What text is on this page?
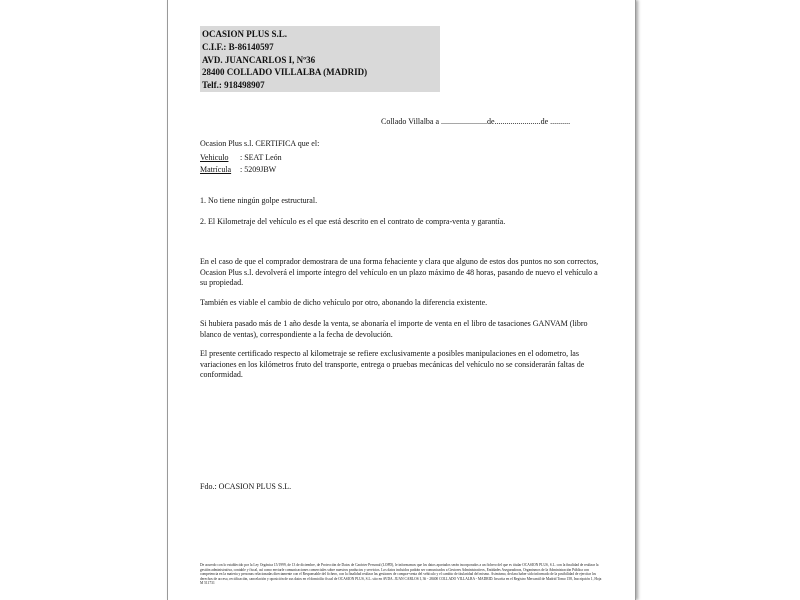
OCASION PLUS S.L.
C.I.F.: B-86140597
AVD. JUANCARLOS I, Nº36
28400 COLLADO VILLALBA (MADRID)
Telf.: 918498907
Collado Villalba a .......................de.......................de ..........
Ocasion Plus s.l. CERTIFICA que el:
Vehiculo : SEAT León
Matrícula : 5209JBW
1. No tiene ningún golpe estructural.
2. El Kilometraje del vehículo es el que está descrito en el contrato de compra-venta y garantía.
En el caso de que el comprador demostrara de una forma fehaciente y clara que alguno de estos dos puntos no son correctos, Ocasion Plus s.l. devolverá el importe íntegro del vehículo en un plazo máximo de 48 horas, pasando de nuevo el vehículo a su propiedad.
También es viable el cambio de dicho vehículo por otro, abonando la diferencia existente.
Si hubiera pasado más de 1 año desde la venta, se abonaría el importe de venta en el libro de tasaciones GANVAM (libro blanco de ventas), correspondiente a la fecha de devolución.
El presente certificado respecto al kilometraje se refiere exclusivamente a posibles manipulaciones en el odometro, las variaciones en los kilómetros fruto del transporte, entrega o pruebas mecánicas del vehículo no se considerarán faltas de conformidad.
Fdo.: OCASION PLUS S.L.
De acuerdo con lo establecido por la Ley Orgánica 15/1999, de 13 de diciembre, de Protección de Datos de Carácter Personal (LOPD), le informamos que los datos aportados serán incorporados a un fichero del que es titular OCASION PLUS, S.L. con la finalidad de realizar la gestión administrativa, contable y fiscal, así como enviarle comunicaciones comerciales sobre nuestros productos y servicios. Los datos incluidos podrán ser comunicados a Gestores Administrativos, Entidades Aseguradoras, Organismos de la Administración Pública con competencia en la materia y personas relacionadas directamente con el Responsable del fichero, con la finalidad realizar las gestiones de compra-venta del vehículo y el cambio de titularidad del mismo. Asimismo, declara haber sido informado de la posibilidad de ejercitar los derechos de acceso, rectificación, cancelación y oposición de sus datos en el domicilio fiscal de OCASION PLUS, S.L. sito en AVDA. JUAN CARLOS I, 36 - 28400 COLLADO VILLALBA - MADRID. Inscrita en el Registro Mercantil de Madrid Tomo 158, Inscripción 1, Hoja M 511731
